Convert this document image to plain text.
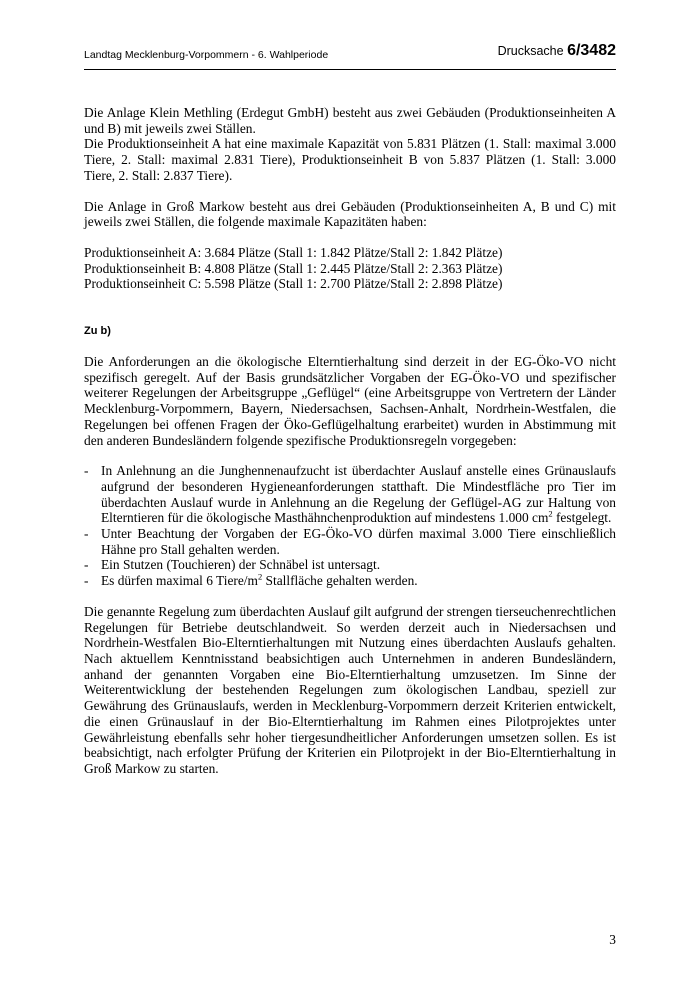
Landtag Mecklenburg-Vorpommern - 6. Wahlperiode	Drucksache 6/3482

Die Anlage Klein Methling (Erdegut GmbH) besteht aus zwei Gebäuden (Produktionseinheiten A und B) mit jeweils zwei Ställen.

Die Produktionseinheit A hat eine maximale Kapazität von 5.831 Plätzen (1. Stall: maximal 3.000 Tiere, 2. Stall: maximal 2.831 Tiere), Produktionseinheit B von 5.837 Plätzen (1. Stall: 3.000 Tiere, 2. Stall: 2.837 Tiere).

Die Anlage in Groß Markow besteht aus drei Gebäuden (Produktionseinheiten A, B und C) mit jeweils zwei Ställen, die folgende maximale Kapazitäten haben:

Produktionseinheit A: 3.684 Plätze (Stall 1: 1.842 Plätze/Stall 2: 1.842 Plätze)

Produktionseinheit B: 4.808 Plätze (Stall 1: 2.445 Plätze/Stall 2: 2.363 Plätze)

Produktionseinheit C: 5.598 Plätze (Stall 1: 2.700 Plätze/Stall 2: 2.898 Plätze)

Zu b)

Die Anforderungen an die ökologische Elterntierhaltung sind derzeit in der EG-Öko-VO nicht spezifisch geregelt. Auf der Basis grundsätzlicher Vorgaben der EG-Öko-VO und spezifischer weiterer Regelungen der Arbeitsgruppe „Geflügel“ (eine Arbeitsgruppe von Vertretern der Länder Mecklenburg-Vorpommern, Bayern, Niedersachsen, Sachsen-Anhalt, Nordrhein-Westfalen, die Regelungen bei offenen Fragen der Öko-Geflügelhaltung erarbeitet) wurden in Abstimmung mit den anderen Bundesländern folgende spezifische Produktionsregeln vorgegeben:

- In Anlehnung an die Junghennenaufzucht ist überdachter Auslauf anstelle eines Grünauslaufs aufgrund der besonderen Hygieneanforderungen statthaft. Die Mindestfläche pro Tier im überdachten Auslauf wurde in Anlehnung an die Regelung der Geflügel-AG zur Haltung von Elterntieren für die ökologische Masthähnchenproduktion auf mindestens 1.000 $cm^2$ festgelegt.
- Unter Beachtung der Vorgaben der EG-Öko-VO dürfen maximal 3.000 Tiere einschließlich Hähne pro Stall gehalten werden.
- Ein Stutzen (Touchieren) der Schnäbel ist untersagt.
- Es dürfen maximal 6 Tiere/$m^2$ Stallfläche gehalten werden.

Die genannte Regelung zum überdachten Auslauf gilt aufgrund der strengen tierseuchenrechtlichen Regelungen für Betriebe deutschlandweit. So werden derzeit auch in Niedersachsen und Nordrhein-Westfalen Bio-Elterntierhaltungen mit Nutzung eines überdachten Auslaufs gehalten. Nach aktuellem Kenntnisstand beabsichtigen auch Unternehmen in anderen Bundesländern, anhand der genannten Vorgaben eine Bio-Elterntierhaltung umzusetzen. Im Sinne der Weiterentwicklung der bestehenden Regelungen zum ökologischen Landbau, speziell zur Gewährung des Grünauslaufs, werden in Mecklenburg-Vorpommern derzeit Kriterien entwickelt, die einen Grünauslauf in der Bio-Elterntierhaltung im Rahmen eines Pilotprojektes unter Gewährleistung ebenfalls sehr hoher tiergesundheitlicher Anforderungen umsetzen sollen. Es ist beabsichtigt, nach erfolgter Prüfung der Kriterien ein Pilotprojekt in der Bio-Elterntierhaltung in Groß Markow zu starten.

3
